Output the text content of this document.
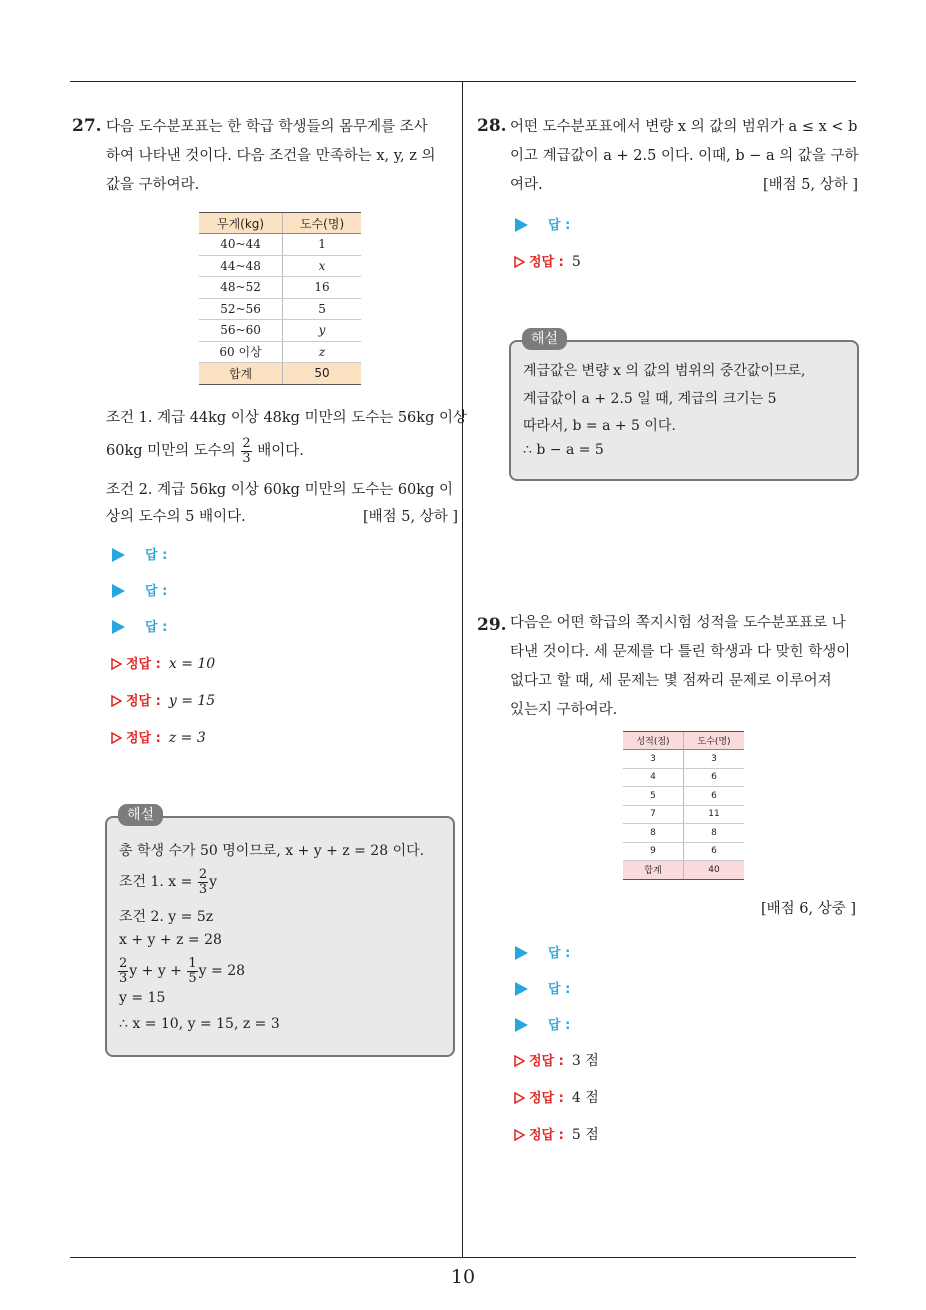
10
27. 다음 도수분포표는 한 학급 학생들의 몸무게를 조사
하여 나타낸 것이다. 다음 조건을 만족하는 x, y, z 의
값을 구하여라.
무게(kg)	도수(명)
40~44	1
44~48	x
48~52	16
52~56	5
56~60	y
60 이상	z
합계	50
조건 1. 계급 44kg 이상 48kg 미만의 도수는 56kg 이상
60kg 미만의 도수의 $\frac{2}{3}$ 배이다.
조건 2. 계급 56kg 이상 60kg 미만의 도수는 60kg 이
상의 도수의 5 배이다.	[배점 5, 상하 ]
답 :
답 :
답 :
정답 : x = 10
정답 : y = 15
정답 : z = 3
총 학생 수가 50 명이므로, x + y + z = 28 이다.
조건 1. $x = \frac{2}{3}$ y
조건 2. y = 5z
x + y + z = 28
$\frac{2}{3}$ $y + y + \frac{1}{5}$ y = 28
y = 15
∴ x = 10, y = 15, z = 3
해설
28. 어떤 도수분포표에서 변량 x 의 값의 범위가 a ≤ x < b
이고 계급값이 a + 2.5 이다. 이때, b − a 의 값을 구하
여라.	[배점 5, 상하 ]
답 :
정답 : 5
계급값은 변량 x 의 값의 범위의 중간값이므로,
계급값이 a + 2.5 일 때, 계급의 크기는 5
따라서, b = a + 5 이다.
∴ b − a = 5
해설
29. 다음은 어떤 학급의 쪽지시험 성적을 도수분포표로 나
타낸 것이다. 세 문제를 다 틀린 학생과 다 맞힌 학생이
없다고 할 때, 세 문제는 몇 점짜리 문제로 이루어져
있는지 구하여라.
성적(점)	도수(명)
3	3
4	6
5	6
7	11
8	8
9	6
합계	40
[배점 6, 상중 ]
답 :
답 :
답 :
정답 : 3 점
정답 : 4 점
정답 : 5 점
